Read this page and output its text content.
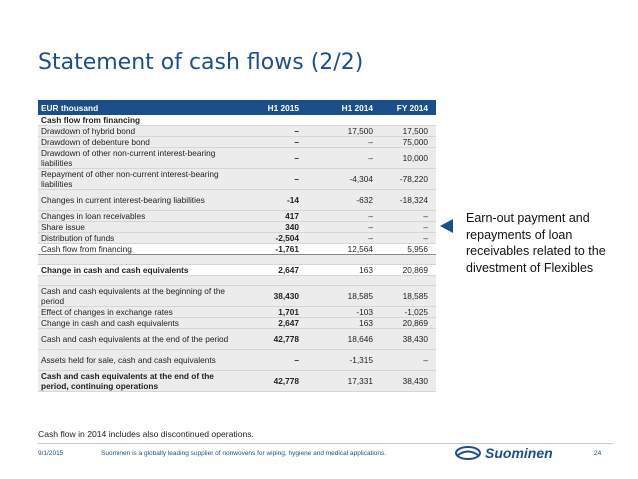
Statement of cash flows (2/2)
EUR thousand	H1 2015	H1 2014	FY 2014
Cash flow from financing			
Drawdown of hybrid bond	–	17,500	17,500
Drawdown of debenture bond	–	–	75,000
Drawdown of other non-current interest-bearing liabilities	–	–	10,000
Repayment of other non-current interest-bearing liabilities	–	-4,304	-78,220
Changes in current interest-bearing liabilities	-14	-632	-18,324
Changes in loan receivables	417	–	–
Share issue	340	–	–
Distribution of funds	-2,504	–	–
Cash flow from financing	-1,761	12,564	5,956

Change in cash and cash equivalents	2,647	163	20,869

Cash and cash equivalents at the beginning of the period	38,430	18,585	18,585
Effect of changes in exchange rates	1,701	-103	-1,025
Change in cash and cash equivalents	2,647	163	20,869
Cash and cash equivalents at the end of the period	42,778	18,646	38,430
Assets held for sale, cash and cash equivalents	–	-1,315	–
Cash and cash equivalents at the end of the period, continuing operations	42,778	17,331	38,430
Earn-out payment and repayments of loan receivables related to the divestment of Flexibles
Cash flow in 2014 includes also discontinued operations.
9/1/2015	Suominen is a globally leading supplier of nonwovens for wiping, hygiene and medical applications.	Suominen	24
